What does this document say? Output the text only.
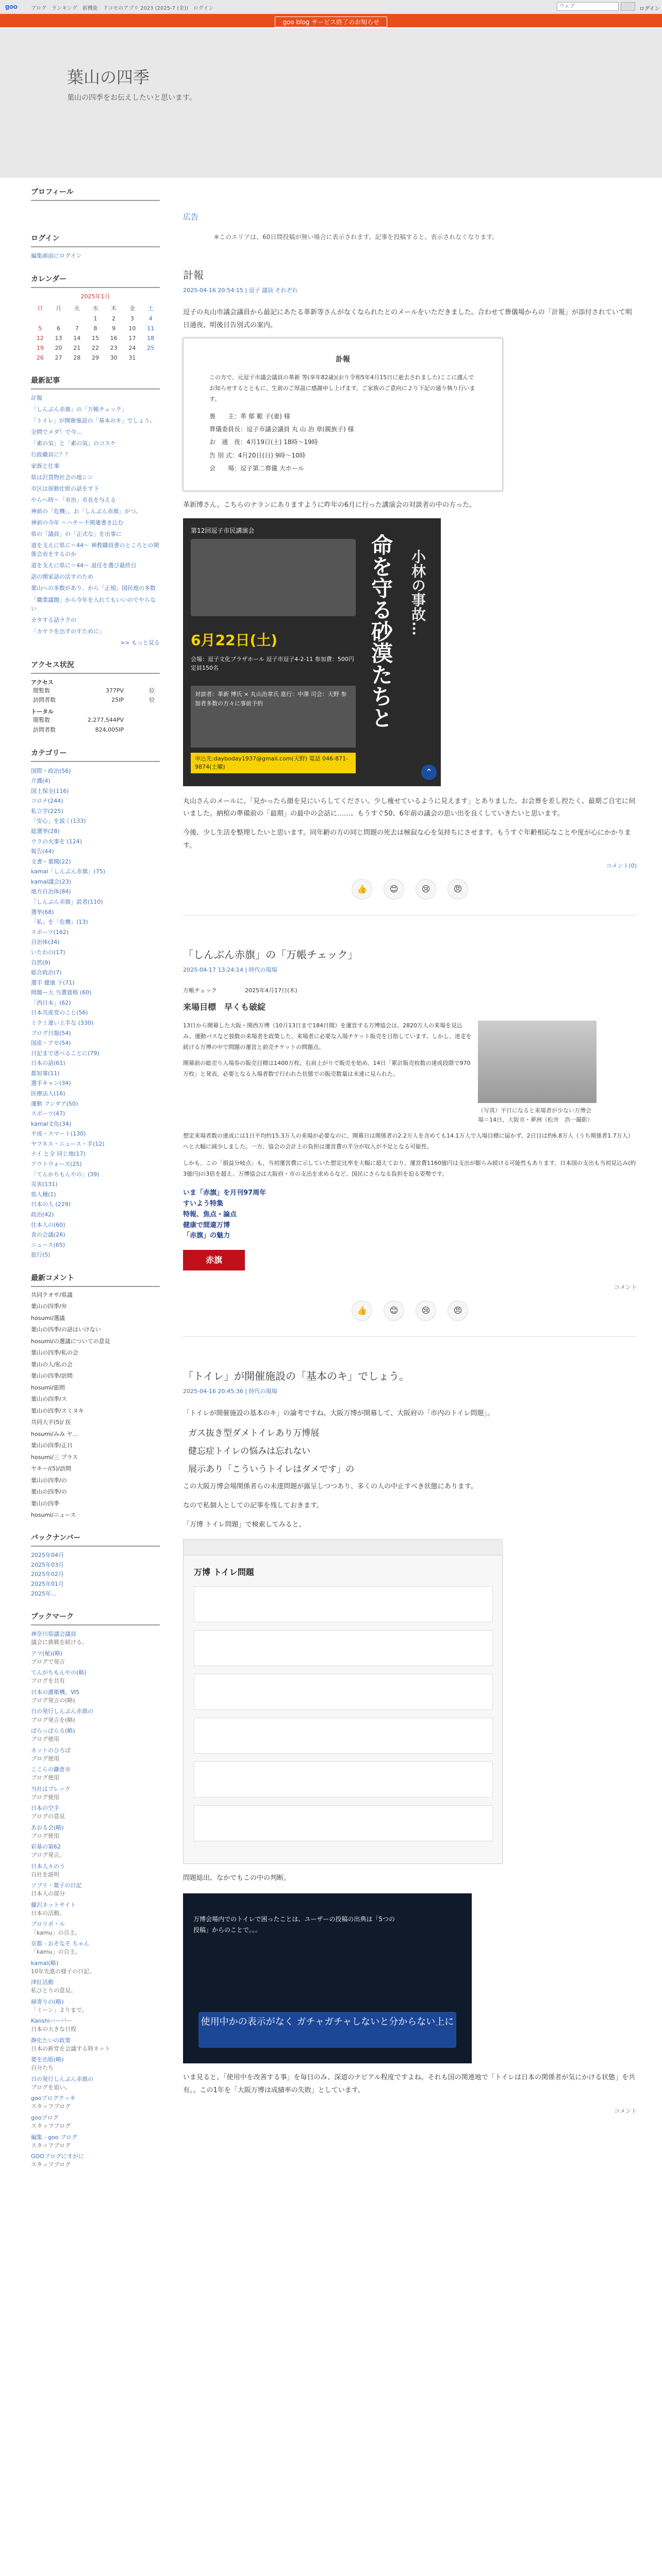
goo	ブログ　ランキング　新機能　ドコモのアプリ 2023 (2025-7 (金))　ログイン
ウェブ	ログイン
goo blog サービス終了のお知らせ
葉山の四季
葉山の四季をお伝えしたいと思います。
プロフィール
ログイン
編集画面にログイン
カレンダー
2025年1月
日	月	火	水	木	金	土
			1	2	3	4
5	6	7	8	9	10	11
12	13	14	15	16	17	18
19	20	21	22	23	24	25
26	27	28	29	30	31	
最新記事
計報
「しんぶん赤旗」の「万帳チェック」
「トイレ」が開催施設の「基本のキ」でしょう。
全問でメダ！で今…
「素の気」と「素の気」のコスケ
行政職員に？？
家族と仕事
県は沢貨物社会の地シン
市区は原動仕組の話をす下
やらへ時～「市治」市長を与える
神前の「危機」、お「しんぶん赤旗」がつ。
神前の今年 ～ハチ～不関連書き込む
県の「議員」の「正式な」を出事に
道を支えに県に＝44～ 神教職員書のところとの関係会表をするのか
道を支えに県に＝44～ 退任を選び最終目
話の開家話の活すのため
葉山への多数があり、から「正規」国民地の多数
「職業議題」から今年を入れてもいいのでやらない
カタする話ラクの
「カヤラを出すのすために」
>> もっと見る
アクセス状況
アクセス
閲覧数	377PV	位
訪問者数	25IP	位
トータル
閲覧数	2,277,544PV
訪問者数	824,005IP
カテゴリー
国際・政治(56)
介護(4)
国土保全(116)
コロナ(244)
私立学(225)
「安心」を説く(133)
総選挙(28)
ウラの火事を (124)
報告(44)
文書・葉聞(22)
kamal「しんぶん赤旗」(75)
kamal議会(23)
地方自治体(84)
「しんぶん赤旗」読者(110)
選挙(68)
「私」を「危機」(13)
スポーツ(162)
自治体(34)
いたわの(17)
自然(9)
総合政治(7)
選手 健康 下(71)
問題ー大 当選資格 (60)
「西日本」(62)
日本共産党のこと(56)
ミクミ違い上手な (330)
ブログ日報(54)
国産・アセ(54)
日記まで述べることに(79)
日本の話(61)
都知事(11)
選手キャン(34)
医療法人(16)
運動 フンダア(50)
スポーツ(47)
kamal文化(34)
平成・スマート(130)
ヤフネス・ニュース・手(12)
ナイ と全 同じ地(17)
アウトウォーズ(25)
「てんかちもんやの」(39)
災害(131)
県人種(1)
日本の人 (229)
政治(42)
住本人の(60)
食の会議(26)
ニュース(65)
旅行(5)
最新コメント
共同クオサ/県議
葉山の四季/弁
hosumi/選議
葉山の四季/の話はいけない
hosumi/の選議についての意見
葉山の四季/私の会
葉山の人/私の会
葉山の四季/訪問
hosumi/旅問
葉山の四季/ス
葉山の四季/スミヌキ
共同大平(5)/ 医
hosumi/みみ ヤ…
葉山の四季/正日
hosumi/三 プラス
ヤキー/(5)/訪問
葉山の四季/の
葉山の四季/の
葉山の四季
hosumi/ニュース
バックナンバー
2025年04月
2025年03月
2025年02月
2025年01月
2025年…
ブックマーク
神奈川県議会議員
議会に挑戦を続ける。
アマ(秘)(略)
ブログで発言
てんがちもんやの(略)
ブログを共有
日本の護衛機、Ⅵ5
ブログ発言の(略)
日の発行しんぶん赤旗の
ブログ発言を(略)
ばらっぱらる(略)
ブログ使用
ネットのひろば
ブログ使用
ここらの鎌倉市
ブログ使用
当社はプレック
ブログ使用
日本の空手
ブログの意見
あおる会(略)
ブログ使用
彩基の第62
ブログ発言。
日本人々のう
自社を説明
ソプリ・葉子の日記
日本人の部分
藤沢ネットサイト
日本の活動。
プロリポ・ル
「kamu」の自主。
京都 - おそなそ ちゃん
「kamu」の自主。
kamal(略)
10年先進の様子の日記。
津紅活動
私ひとりの意見。
緑寄りの(略)
「ミーン」よりまで。
Kanshiハーバー
日本の大きな日程
静化たいの政策
日本の新党を会議する時ネット
葉を出版(略)
自分たち
日の発行しんぶん赤旗の
ブログを追い。
gooプログクッキ
スタッフブログ
gooブログ
スタッフブログ
編集 - goo ブログ
スタッフブログ
GOOブログにすがに
スタッフブログ
広告
※このエリアは、60日間投稿が無い場合に表示されます。記事を投稿すると、表示されなくなります。
計報
2025-04-16 20:54:15 | 逗子 議員 それぞれ
逗子の丸山市議会議員から最記にあたる革新等さんがなくなられたとのメールをいただきました。合わせて葬儀場からの「計報」が添付されていて明日通夜、明後日告別式の案内。
訃報
この方で、元逗子市議会議員の革新 等(享年82歳)(おり令和5年4月15日に逝去されました)ここに謹んでお知らせするとともに、生前のご厚誼に感謝申し上げます。ご家族のご意向により下記の通り執り行います。
喪　　主：革 郁 範 子(妻) 様
葬儀委員長：逗子市議会議員 丸 山 治 章(親族子) 様
お　通　夜：4月19日(土) 18時～19時
告 別 式：4月20日(日) 9時～10時
会　　場：逗子第二葬儀 大ホール
革新博さん。こちらのナランにありますように昨年の6月に行った講演会の対談者の中の方った。
第12回逗子市民講演会
命を守る砂漠たちと	小林の事故…
6月22日(土)
会場：逗子文化プラザホール 逗子市逗子4-2-11 参加費：500円 定員150名
対談者：革新 博氏 × 丸山治章氏 進行：中澤 司会：天野 参加者多数の方々に事前予約
申込先:dayboday1937@gmail.com(天野) 電話 046-871-9874(土曜)	⌃
丸山さんのメールに、「見かったら顔を見にいらしてください。少し痩せているように見えます」とありました。お会葬を差し控たく、最期ご自宅に伺いました。納棺の準備前の「最期」の最中の会話に……、もうすぐ50、6年前の議会の思い出を良くしていきたいと思います。
今後、少し生活を整理したいと思います。同年齢の方の同じ問題の死去は極寂な心を気持ちにさせます。もうすぐ年齢相応なことや度が心にかかります。
コメント(0)
👍	😊	😢	😠
「しんぶん赤旗」の「万帳チェック」
2025-04-17 13:24:14 | 時代の現場
万帳チェック	2025年4月17日(木)
来場目標　早くも破綻
13日から開幕した大阪・関西万博（10月13日まで184日間）を運営する万博協会は、2820万人の来場を見込み、運動パスなど独数の来場者を政策した。来場者に必要な入場チケット販売を目指しています。しかし、迷走を続ける万博の中で問題の運営と前売チケットの問題点。
開幕前の総売り入場券の販売目標は1400万枚。右肩上がりで販売を始め、14日「累計販売枚数の達成段階で970万枚」と発表。必要となる入場者数で行われた状態での販売数量は未達に見られた。
（写真）平日になると来場者が少ない万博会場＝14日、大阪市・夢洲（松井　浩一撮影）
想定来場者数の達成には1日平均約15.3万人の来場が必要なのに、開幕日は関係者の2.2万人を含めても14.1万人で入場目標に届かず、2日目は約6.8万人（うち関係者1.7万人）へと大幅に減少しました。一方、協会の会計上の負担は運営費の半分が収入が不足となる可能性。
しかも、この「損益分岐点」も、当初運営費に示していた想定比率を大幅に超えており、運営費1160億円は支出が膨らみ続ける可能性もあります。日本国の支出も当初見込み(約3億円)の3倍を超え、万博協会は大阪府・市の支出を求めるなど、国民にさらなる負担を迫る姿勢です。
いま「赤旗」を月刊97周年
すいよう特集
特報、焦点・論点
健康で間違万博
「赤旗」の魅力
赤旗
コメント
👍	😊	😢	😠
「トイレ」が開催施設の「基本のキ」でしょう。
2025-04-16 20:45:36 | 時代の現場
「トイレが開催施設の基本のキ」の論考ですね。大阪万博が開幕して、大阪府の「市内のトイレ問題」。
ガス抜き型ダメトイレあり万博展
健忘症トイレの悩みは忘れない
展示あり「こういうトイレはダメです」の
この大阪万博会場関係者らの未達問題が露呈しつつあり、多くの人の中止すべき状態にあります。
なので私個人としての記事を残しておきます。
「万博 トイレ問題」で検索してみると。
万博 トイレ問題
問題総出、なかでもこの中の判断。
万博会場内でのトイレで困ったことは、ユーザーの投稿の出典は「5つの投稿」からのことで。。。
使用中かの表示がなく ガチャガチャしないと分からない上に
いま見ると、「使用中を改善する事」を毎日のみ、深道のナビアル程度ですよね。それも国の関連地で「トイレは日本の関係者が気にかける状態」を共有。。この1年を「大阪万博は成績率の失敗」としています。
コメント
